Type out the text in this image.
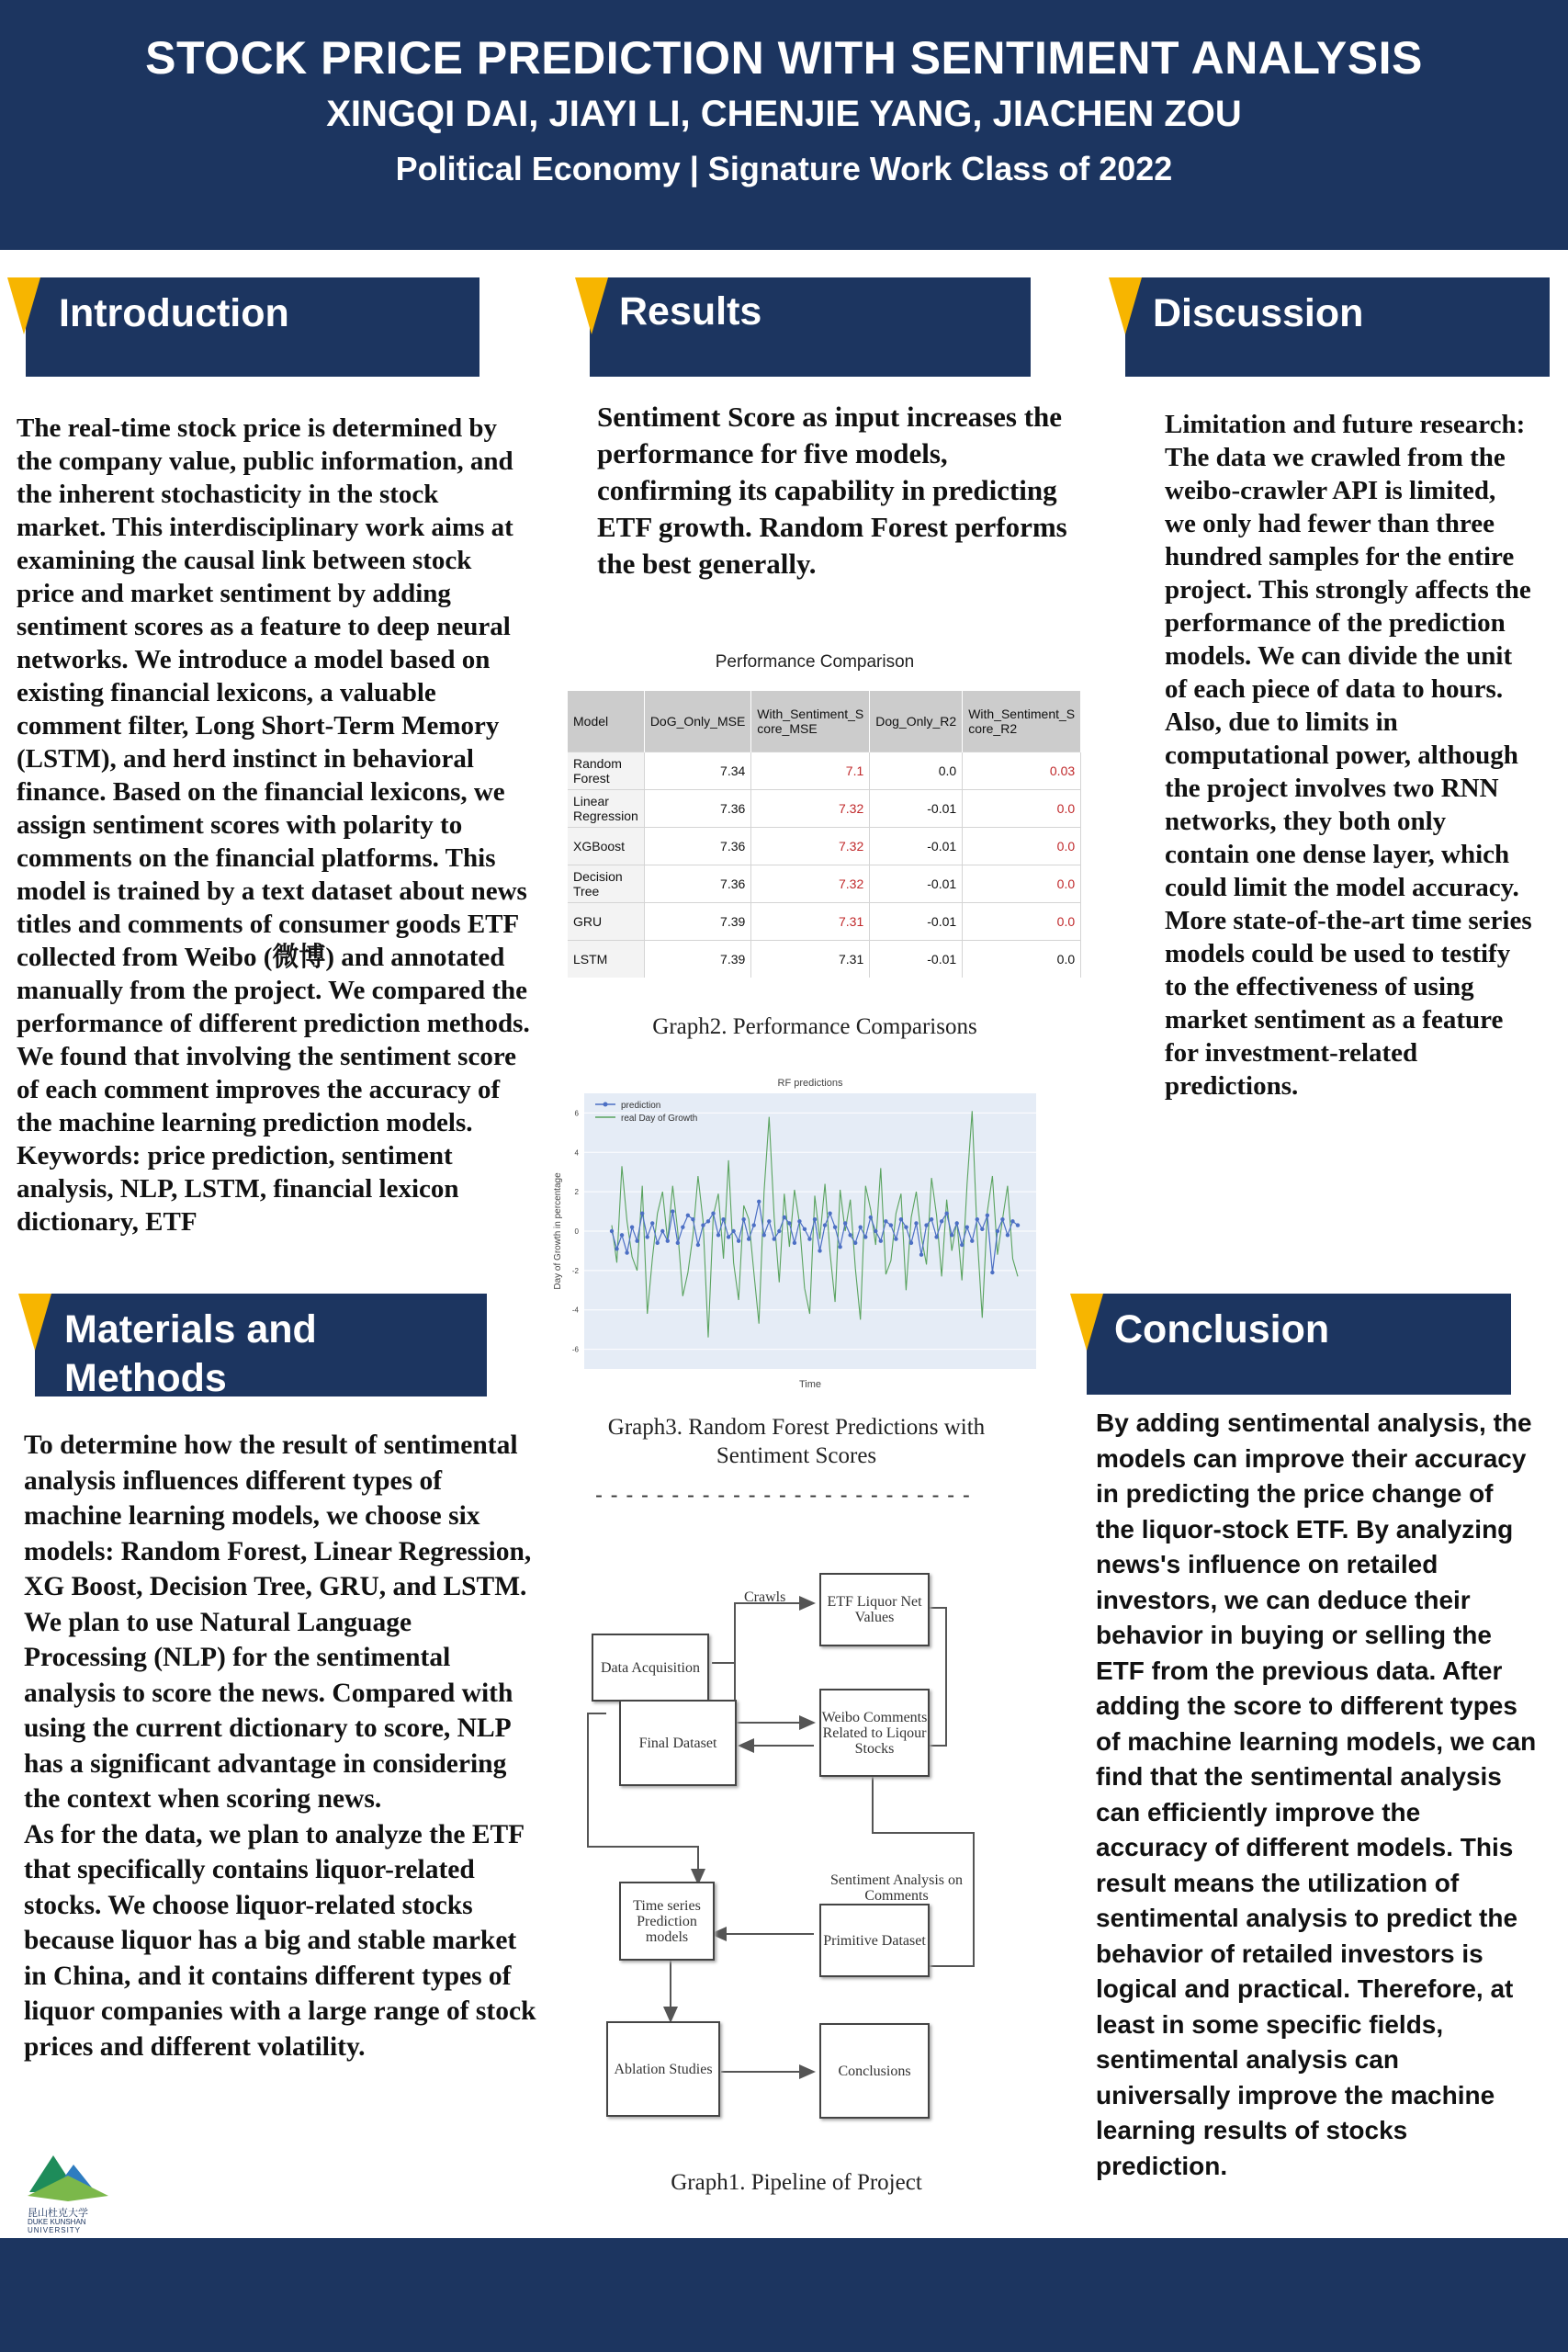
STOCK PRICE PREDICTION WITH SENTIMENT ANALYSIS
XINGQI DAI, JIAYI LI, CHENJIE YANG, JIACHEN ZOU
Political Economy | Signature Work Class of 2022
Introduction
The real-time stock price is determined by the company value, public information, and the inherent stochasticity in the stock market. This interdisciplinary work aims at examining the causal link between stock price and market sentiment by adding sentiment scores as a feature to deep neural networks. We introduce a model based on existing financial lexicons, a valuable comment filter, Long Short-Term Memory (LSTM), and herd instinct in behavioral finance. Based on the financial lexicons, we assign sentiment scores with polarity to comments on the financial platforms. This model is trained by a text dataset about news titles and comments of consumer goods ETF collected from Weibo (微博) and annotated manually from the project. We compared the performance of different prediction methods. We found that involving the sentiment score of each comment improves the accuracy of the machine learning prediction models. Keywords: price prediction, sentiment analysis, NLP, LSTM, financial lexicon dictionary, ETF
Materials and
Methods
To determine how the result of sentimental analysis influences different types of machine learning models, we choose six models: Random Forest, Linear Regression, XG Boost, Decision Tree, GRU, and LSTM. We plan to use Natural Language Processing (NLP) for the sentimental analysis to score the news. Compared with using the current dictionary to score, NLP has a significant advantage in considering the context when scoring news.
As for the data, we plan to analyze the ETF that specifically contains liquor-related stocks. We choose liquor-related stocks because liquor has a big and stable market in China, and it contains different types of liquor companies with a large range of stock prices and different volatility.
昆山杜克大学
DUKE KUNSHAN
UNIVERSITY
Results
Sentiment Score as input increases the performance for five models, confirming its capability in predicting ETF growth. Random Forest performs the best generally.
Performance Comparison
Model	DoG_Only_MSE	With_Sentiment_S core_MSE	Dog_Only_R2	With_Sentiment_S core_R2
Random Forest	7.34	7.1	0.0	0.03
Linear Regression	7.36	7.32	-0.01	0.0
XGBoost	7.36	7.32	-0.01	0.0
Decision Tree	7.36	7.32	-0.01	0.0
GRU	7.39	7.31	-0.01	0.0
LSTM	7.39	7.31	-0.01	0.0
Graph2. Performance Comparisons
6
4
2
0
-2
-4
-6
RF predictions
Time
Day of Growth in percentage
prediction
real Day of Growth
Graph3. Random Forest Predictions with Sentiment Scores
- - - - - - - - - - - - - - - - - - - - - - - - -
Data Acquisition
ETF Liquor Net Values
Weibo Comments Related to Liqour Stocks
Final Dataset
Time series Prediction models	Primitive Dataset
Ablation Studies	Conclusions
Crawls
Sentiment Analysis on Comments
Graph1. Pipeline of Project
Discussion
Limitation and future research:
The data we crawled from the weibo-crawler API is limited, we only had fewer than three hundred samples for the entire project. This strongly affects the performance of the prediction models. We can divide the unit of each piece of data to hours.
Also, due to limits in computational power, although the project involves two RNN networks, they both only contain one dense layer, which could limit the model accuracy. More state-of-the-art time series models could be used to testify to the effectiveness of using market sentiment as a feature for investment-related predictions.
Conclusion
By adding sentimental analysis, the models can improve their accuracy in predicting the price change of the liquor-stock ETF. By analyzing news's influence on retailed investors, we can deduce their behavior in buying or selling the ETF from the previous data. After adding the score to different types of machine learning models, we can find that the sentimental analysis can efficiently improve the accuracy of different models. This result means the utilization of sentimental analysis to predict the behavior of retailed investors is logical and practical. Therefore, at least in some specific fields, sentimental analysis can universally improve the machine learning results of stocks prediction.
